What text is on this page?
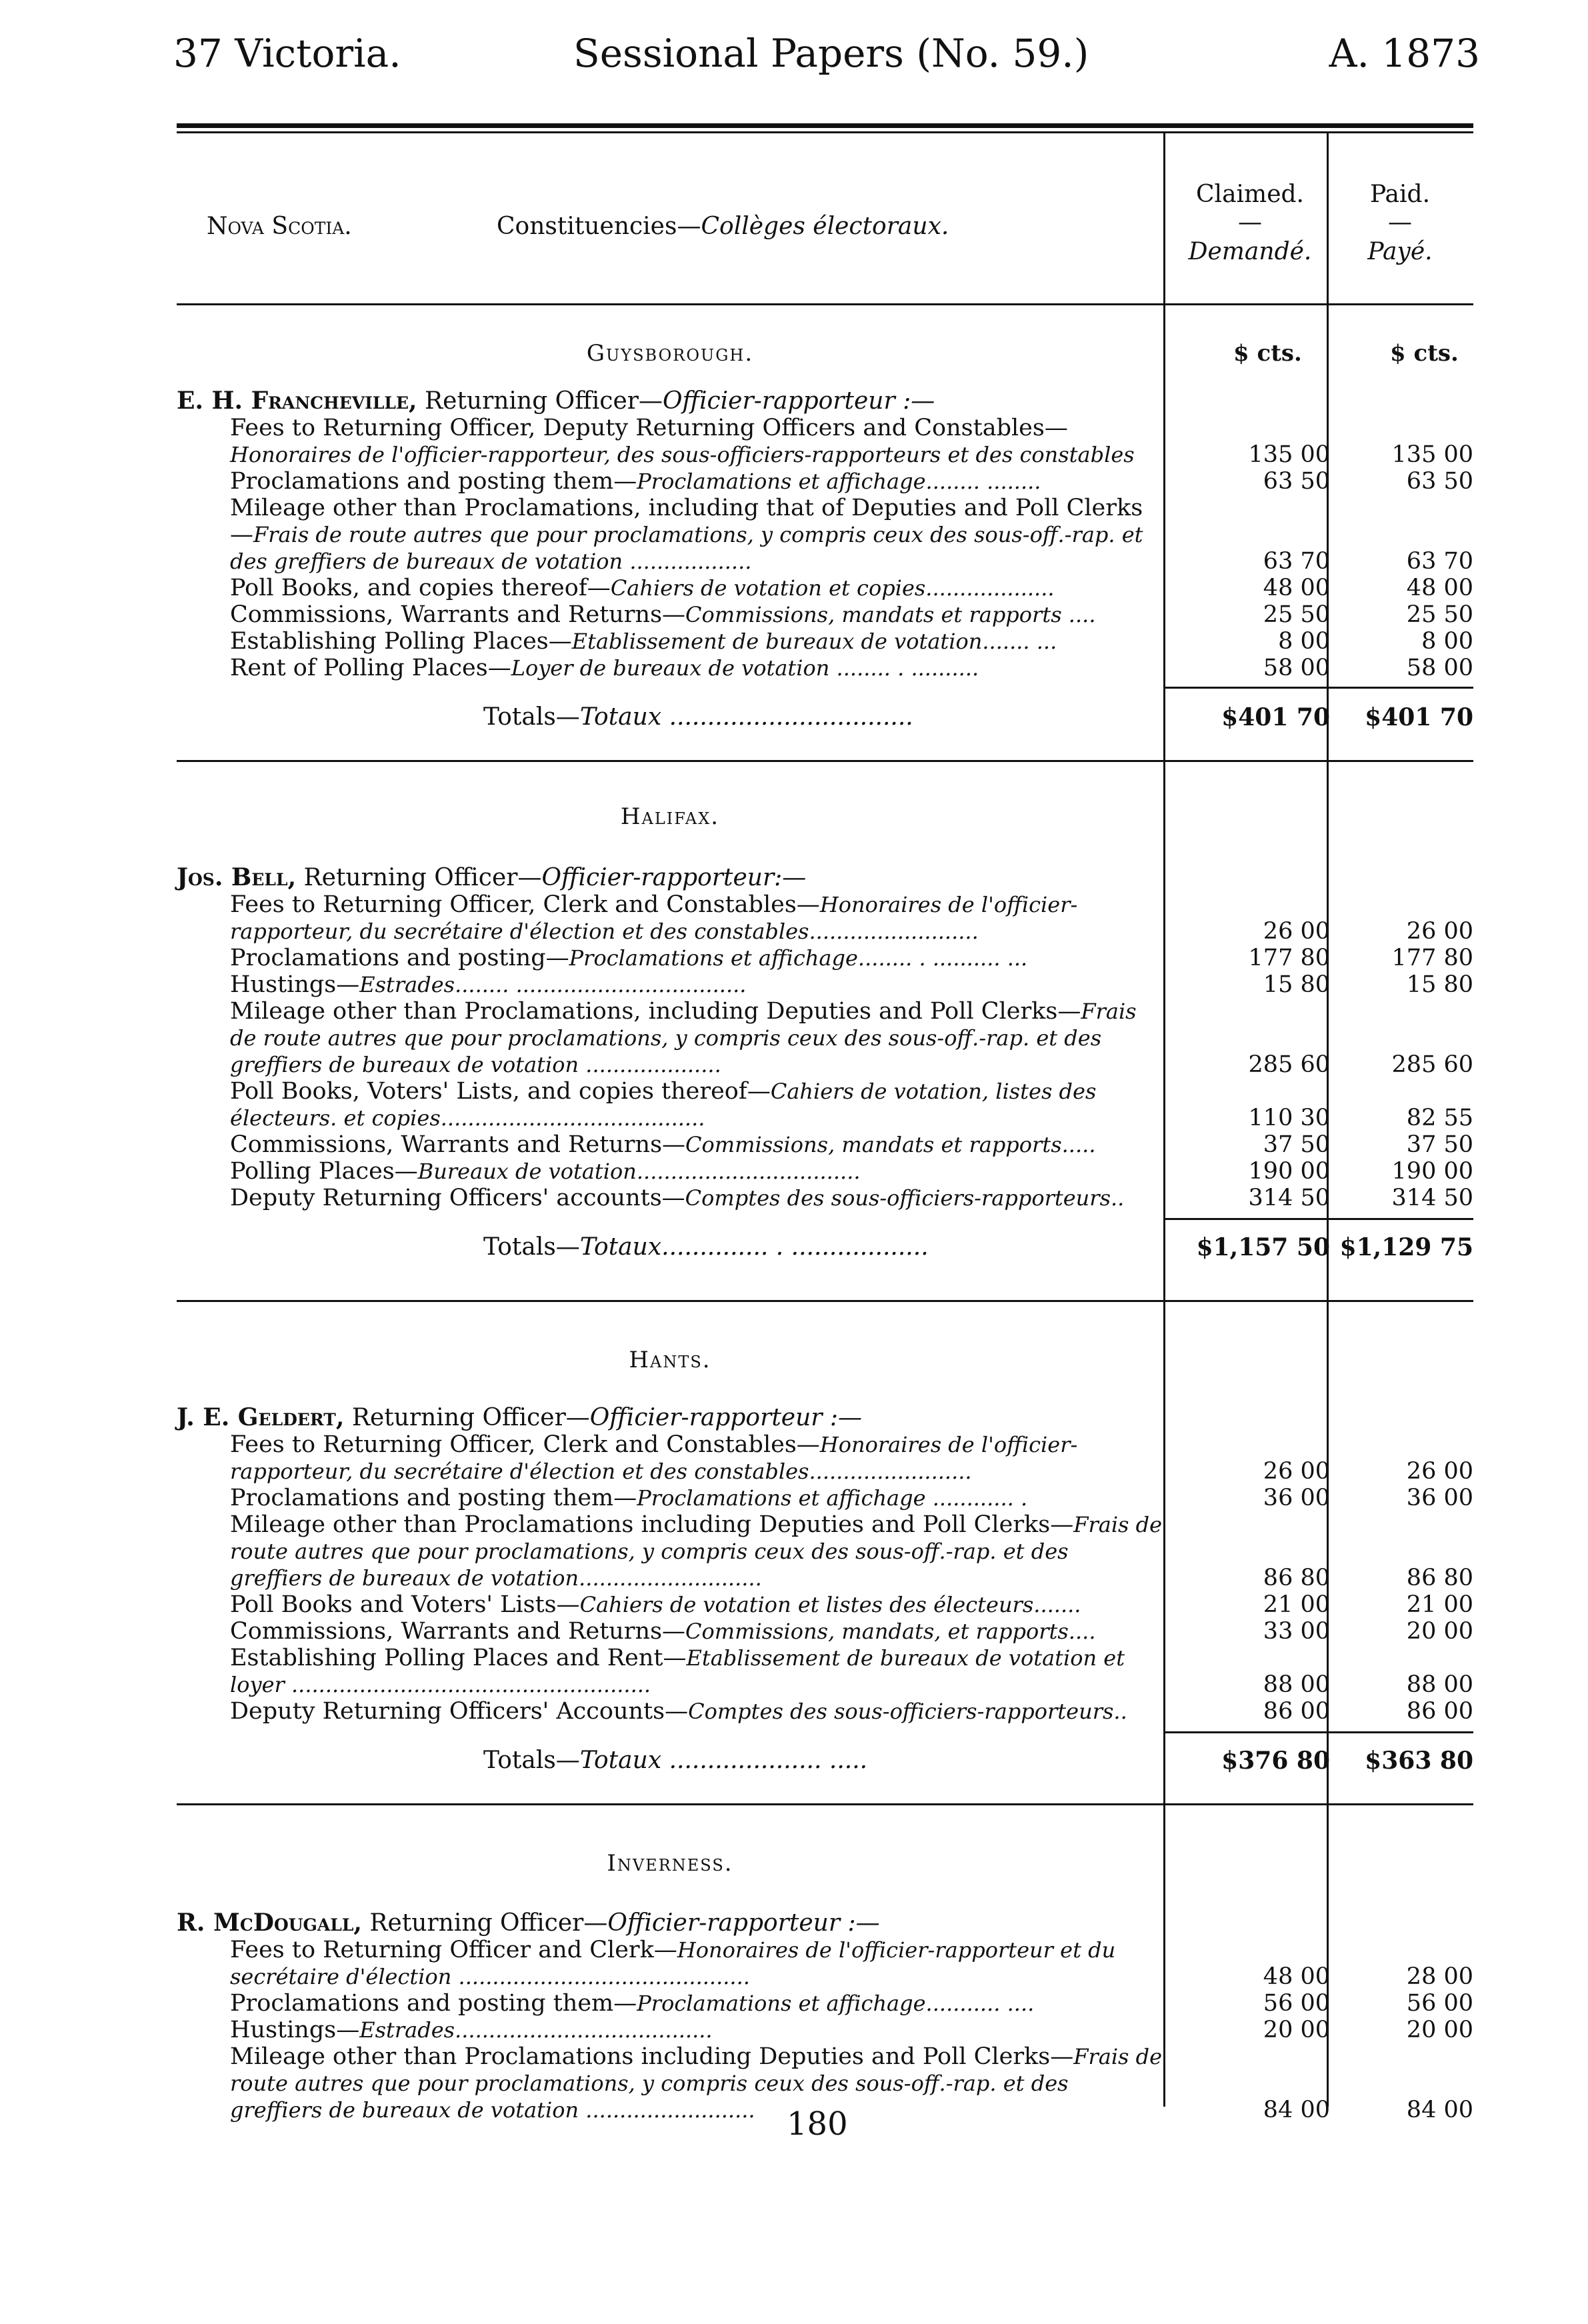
37 Victoria.	Sessional Papers (No. 59.)	A. 1873
Nova Scotia.	Constituencies—Collèges électoraux.
Claimed.
—
Demandé.
Paid.
—
Payé.
Guysborough.	$ cts.	$ cts.
E. H. Francheville, Returning Officer—Officier-rapporteur :—
Fees to Returning Officer, Deputy Returning Officers and Constables—Honoraires de l'officier-rapporteur, des sous-officiers-rapporteurs et des constables	135 00	135 00
Proclamations and posting them—Proclamations et affichage........ ........	63 50	63 50
Mileage other than Proclamations, including that of Deputies and Poll Clerks—Frais de route autres que pour proclamations, y compris ceux des sous-off.-rap. et des greffiers de bureaux de votation ..................	63 70	63 70
Poll Books, and copies thereof—Cahiers de votation et copies...................	48 00	48 00
Commissions, Warrants and Returns—Commissions, mandats et rapports ....	25 50	25 50
Establishing Polling Places—Etablissement de bureaux de votation....... ...	8 00	8 00
Rent of Polling Places—Loyer de bureaux de votation ........ . ..........	58 00	58 00
Totals—Totaux ................................	$401 70	$401 70
Halifax.
Jos. Bell, Returning Officer—Officier-rapporteur:—
Fees to Returning Officer, Clerk and Constables—Honoraires de l'officier-rapporteur, du secrétaire d'élection et des constables.........................	26 00	26 00
Proclamations and posting—Proclamations et affichage........ . .......... ...	177 80	177 80
Hustings—Estrades........ ..................................	15 80	15 80
Mileage other than Proclamations, including Deputies and Poll Clerks—Frais de route autres que pour proclamations, y compris ceux des sous-off.-rap. et des greffiers de bureaux de votation ....................	285 60	285 60
Poll Books, Voters' Lists, and copies thereof—Cahiers de votation, listes des électeurs. et copies.......................................	110 30	82 55
Commissions, Warrants and Returns—Commissions, mandats et rapports.....	37 50	37 50
Polling Places—Bureaux de votation.................................	190 00	190 00
Deputy Returning Officers' accounts—Comptes des sous-officiers-rapporteurs..	314 50	314 50
Totals—Totaux.............. . ..................	$1,157 50 $1,129 75
Hants.
J. E. Geldert, Returning Officer—Officier-rapporteur :—
Fees to Returning Officer, Clerk and Constables—Honoraires de l'officier-rapporteur, du secrétaire d'élection et des constables........................	26 00	26 00
Proclamations and posting them—Proclamations et affichage ............ .	36 00	36 00
Mileage other than Proclamations including Deputies and Poll Clerks—Frais de route autres que pour proclamations, y compris ceux des sous-off.-rap. et des greffiers de bureaux de votation...........................	86 80	86 80
Poll Books and Voters' Lists—Cahiers de votation et listes des électeurs.......	21 00	21 00
Commissions, Warrants and Returns—Commissions, mandats, et rapports....	33 00	20 00
Establishing Polling Places and Rent—Etablissement de bureaux de votation et loyer .....................................................	88 00	88 00
Deputy Returning Officers' Accounts—Comptes des sous-officiers-rapporteurs..	86 00	86 00
Totals—Totaux .................... .....	$376 80	$363 80
Inverness.
R. McDougall, Returning Officer—Officier-rapporteur :—
Fees to Returning Officer and Clerk—Honoraires de l'officier-rapporteur et du secrétaire d'élection ...........................................	48 00	28 00
Proclamations and posting them—Proclamations et affichage........... ....	56 00	56 00
Hustings—Estrades......................................	20 00	20 00
Mileage other than Proclamations including Deputies and Poll Clerks—Frais de route autres que pour proclamations, y compris ceux des sous-off.-rap. et des greffiers de bureaux de votation .........................	84 00	84 00
180
